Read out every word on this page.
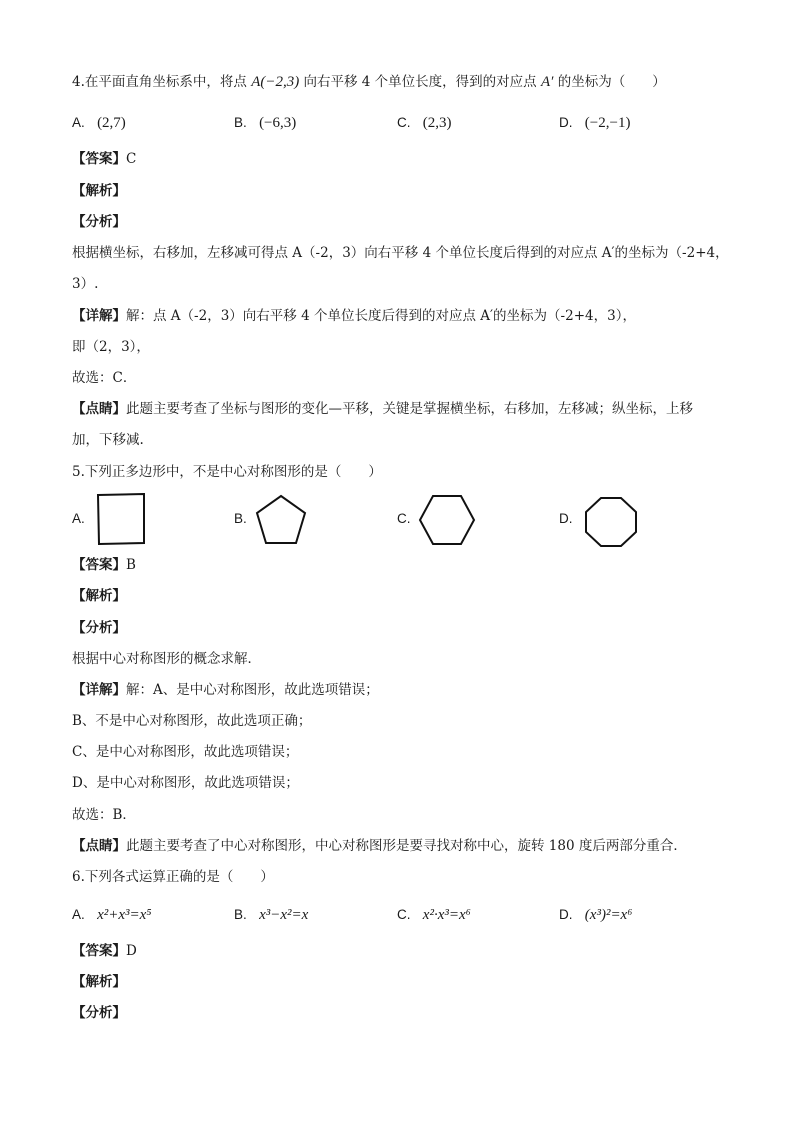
4.在平面直角坐标系中，将点 A(−2,3) 向右平移 4 个单位长度，得到的对应点 A′ 的坐标为（　　）
A. (2,7)	B. (−6,3)	C. (2,3)	D. (−2,−1)
【答案】C
【解析】
【分析】
根据横坐标，右移加，左移减可得点 A（-2，3）向右平移 4 个单位长度后得到的对应点 A′的坐标为（-2+4，
3）.
【详解】解：点 A（-2，3）向右平移 4 个单位长度后得到的对应点 A′的坐标为（-2+4，3），
即（2，3），
故选：C．
【点睛】此题主要考查了坐标与图形的变化—平移，关键是掌握横坐标，右移加，左移减；纵坐标，上移
加，下移减.
5.下列正多边形中，不是中心对称图形的是（　　）
A.	B.	C.	D.
【答案】B
【解析】
【分析】
根据中心对称图形的概念求解．
【详解】解：A、是中心对称图形，故此选项错误；
B、不是中心对称图形，故此选项正确；
C、是中心对称图形，故此选项错误；
D、是中心对称图形，故此选项错误；
故选：B．
【点睛】此题主要考查了中心对称图形，中心对称图形是要寻找对称中心，旋转 180 度后两部分重合．
6.下列各式运算正确的是（　　）
A. x²+x³=x⁵	B. x³−x²=x	C. x²·x³=x⁶	D. (x³)²=x⁶
【答案】D
【解析】
【分析】
